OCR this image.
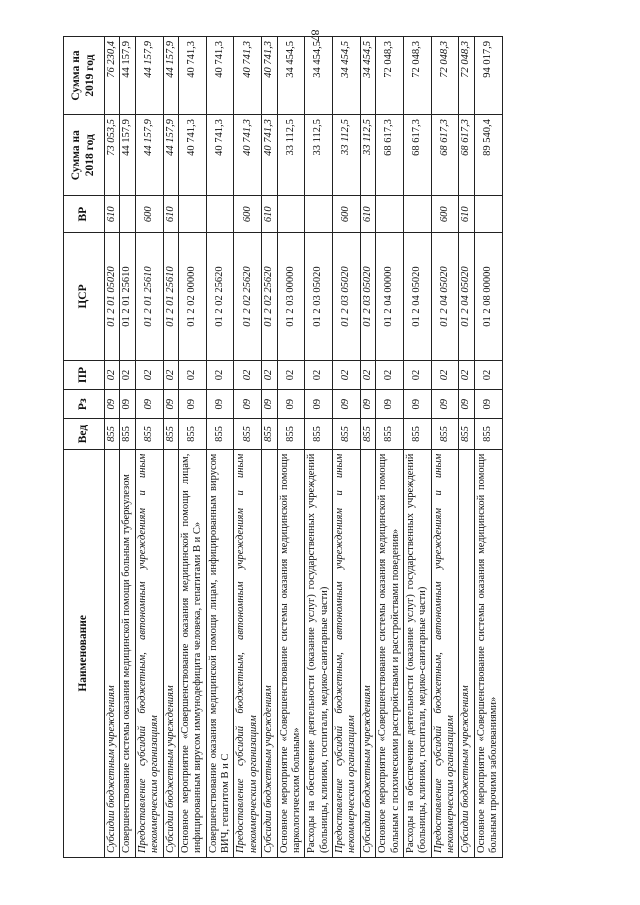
87
Наименование	Вед	Рз	ПР	ЦСР	ВР	Сумма на 2018 год	Сумма на 2019 год
Субсидии бюджетным учреждениям	855	09	02	01 2 01 05020	610	73 053,5	76 230,4
Совершенствование системы оказания медицинской помощи больным туберкулезом	855	09	02	01 2 01 25610		44 157,9	44 157,9
Предоставление субсидий бюджетным, автономным учреждениям и иным некоммерческим организациям	855	09	02	01 2 01 25610	600	44 157,9	44 157,9
Субсидии бюджетным учреждениям	855	09	02	01 2 01 25610	610	44 157,9	44 157,9
Основное мероприятие «Совершенствование оказания медицинской помощи лицам, инфицированным вирусом иммунодефицита человека, гепатитами B и C»	855	09	02	01 2 02 00000		40 741,3	40 741,3
Совершенствование оказания медицинской помощи лицам, инфицированным вирусом ВИЧ, гепатитом B и C	855	09	02	01 2 02 25620		40 741,3	40 741,3
Предоставление субсидий бюджетным, автономным учреждениям и иным некоммерческим организациям	855	09	02	01 2 02 25620	600	40 741,3	40 741,3
Субсидии бюджетным учреждениям	855	09	02	01 2 02 25620	610	40 741,3	40 741,3
Основное мероприятие «Совершенствование системы оказания медицинской помощи наркологическим больным»	855	09	02	01 2 03 00000		33 112,5	34 454,5
Расходы на обеспечение деятельности (оказание услуг) государственных учреждений (больницы, клиники, госпитали, медико-санитарные части)	855	09	02	01 2 03 05020		33 112,5	34 454,5
Предоставление субсидий бюджетным, автономным учреждениям и иным некоммерческим организациям	855	09	02	01 2 03 05020	600	33 112,5	34 454,5
Субсидии бюджетным учреждениям	855	09	02	01 2 03 05020	610	33 112,5	34 454,5
Основное мероприятие «Совершенствование системы оказания медицинской помощи больным с психическими расстройствами и расстройствами поведения»	855	09	02	01 2 04 00000		68 617,3	72 048,3
Расходы на обеспечение деятельности (оказание услуг) государственных учреждений (больницы, клиники, госпитали, медико-санитарные части)	855	09	02	01 2 04 05020		68 617,3	72 048,3
Предоставление субсидий бюджетным, автономным учреждениям и иным некоммерческим организациям	855	09	02	01 2 04 05020	600	68 617,3	72 048,3
Субсидии бюджетным учреждениям	855	09	02	01 2 04 05020	610	68 617,3	72 048,3
Основное мероприятие «Совершенствование системы оказания медицинской помощи больным прочими заболеваниями»	855	09	02	01 2 08 00000		89 540,4	94 017,9
